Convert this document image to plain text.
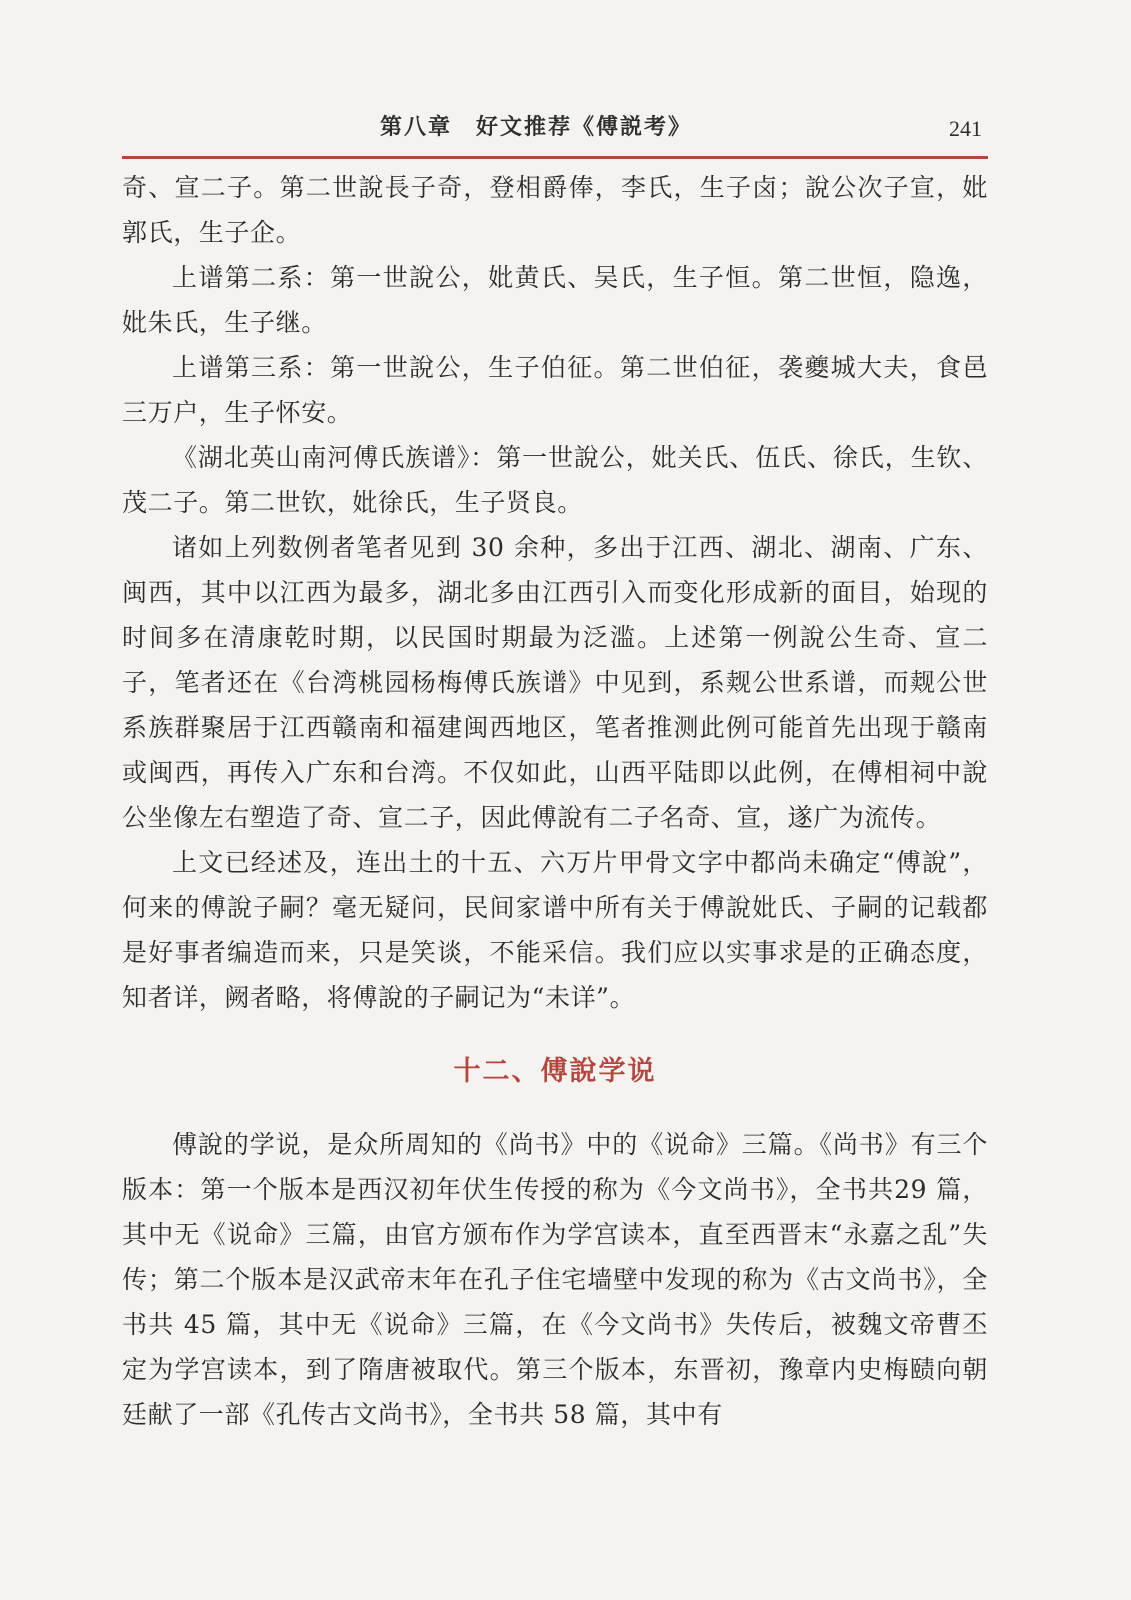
第八章　好文推荐《傅説考》	241

奇、宣二子。第二世說長子奇，登相爵俸，李氏，生子卤；說公次子宣，妣郭氏，生子企。

上谱第二系：第一世說公，妣黄氏、吴氏，生子恒。第二世恒，隐逸，妣朱氏，生子继。

上谱第三系：第一世說公，生子伯征。第二世伯征，袭夔城大夫，食邑三万户，生子怀安。

《湖北英山南河傅氏族谱》：第一世說公，妣关氏、伍氏、徐氏，生钦、茂二子。第二世钦，妣徐氏，生子贤良。

诸如上列数例者笔者见到 30 余种，多出于江西、湖北、湖南、广东、闽西，其中以江西为最多，湖北多由江西引入而变化形成新的面目，始现的时间多在清康乾时期，以民国时期最为泛滥。上述第一例說公生奇、宣二子，笔者还在《台湾桃园杨梅傅氏族谱》中见到，系觌公世系谱，而觌公世系族群聚居于江西赣南和福建闽西地区，笔者推测此例可能首先出现于赣南或闽西，再传入广东和台湾。不仅如此，山西平陆即以此例，在傅相祠中說公坐像左右塑造了奇、宣二子，因此傅說有二子名奇、宣，遂广为流传。

上文已经述及，连出土的十五、六万片甲骨文字中都尚未确定“傅說”，何来的傅說子嗣？毫无疑问，民间家谱中所有关于傅說妣氏、子嗣的记载都是好事者编造而来，只是笑谈，不能采信。我们应以实事求是的正确态度，知者详，阙者略，将傅說的子嗣记为“未详”。

十二、傅說学说

傅說的学说，是众所周知的《尚书》中的《说命》三篇。《尚书》有三个版本：第一个版本是西汉初年伏生传授的称为《今文尚书》，全书共29 篇，其中无《说命》三篇，由官方颁布作为学宫读本，直至西晋末“永嘉之乱”失传；第二个版本是汉武帝末年在孔子住宅墙壁中发现的称为《古文尚书》，全书共 45 篇，其中无《说命》三篇，在《今文尚书》失传后，被魏文帝曹丕定为学宫读本，到了隋唐被取代。第三个版本，东晋初，豫章内史梅赜向朝廷献了一部《孔传古文尚书》，全书共 58 篇，其中有
